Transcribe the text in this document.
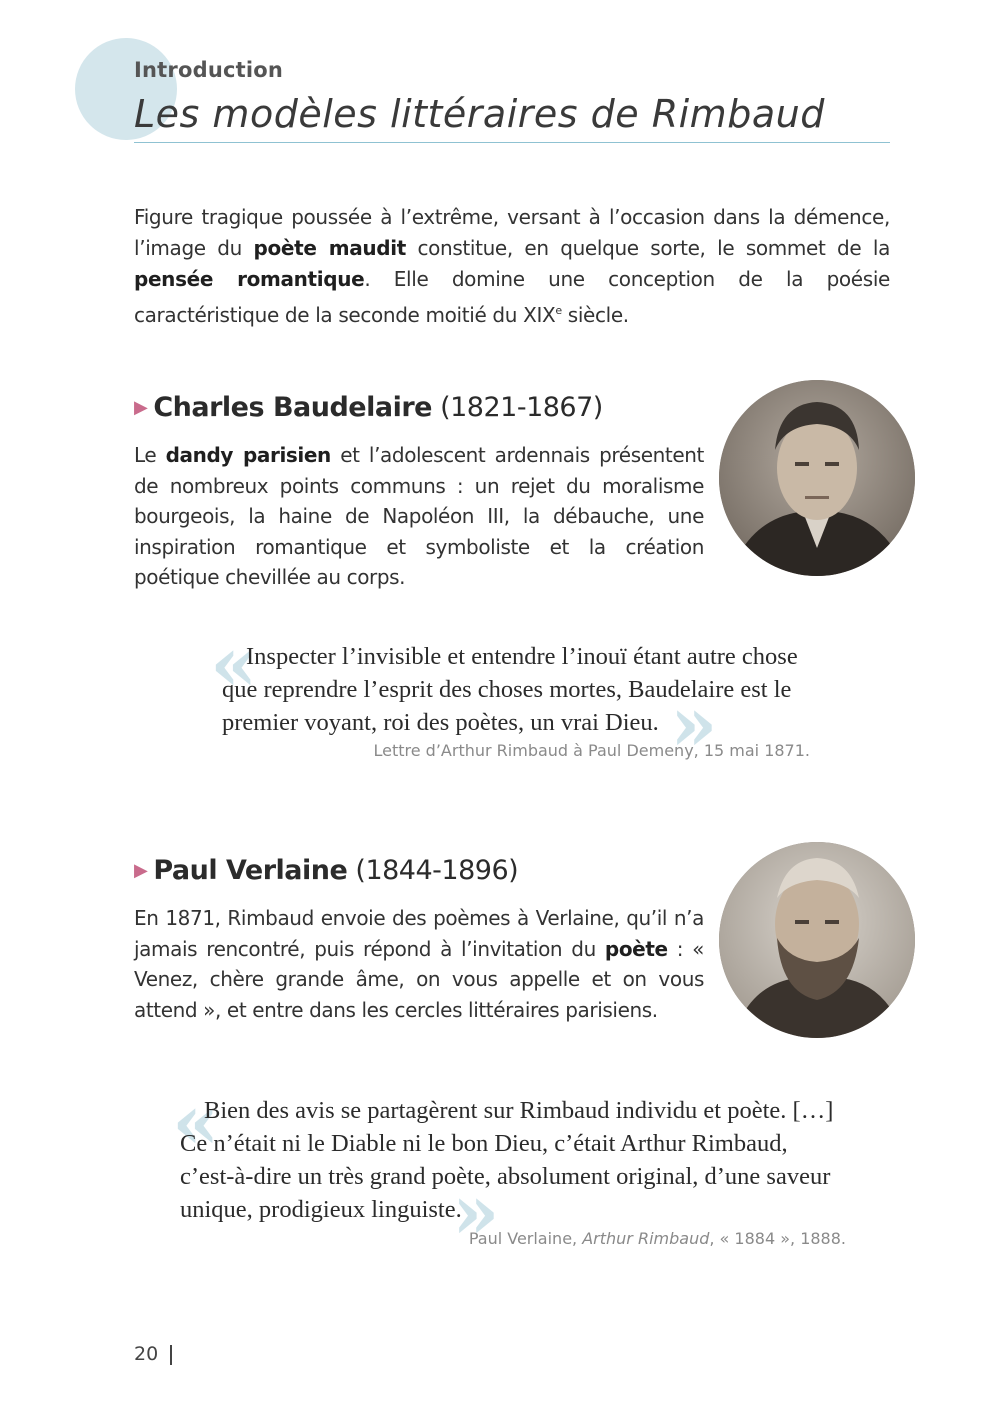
Introduction
Les modèles littéraires de Rimbaud

Figure tragique poussée à l’extrême, versant à l’occasion dans la démence, l’image du poète maudit constitue, en quelque sorte, le sommet de la pensée romantique. Elle domine une conception de la poésie caractéristique de la seconde moitié du XIXe siècle.

▶ Charles Baudelaire (1821-1867)

Le dandy parisien et l’adolescent ardennais présentent de nombreux points communs : un rejet du moralisme bourgeois, la haine de Napoléon III, la débauche, une inspiration romantique et symboliste et la création poétique chevillée au corps.

«
»

Inspecter l’invisible et entendre l’inouï étant autre chose que reprendre l’esprit des choses mortes, Baudelaire est le premier voyant, roi des poètes, un vrai Dieu.

Lettre d’Arthur Rimbaud à Paul Demeny, 15 mai 1871.

▶ Paul Verlaine (1844-1896)

En 1871, Rimbaud envoie des poèmes à Verlaine, qu’il n’a jamais rencontré, puis répond à l’invitation du poète : « Venez, chère grande âme, on vous appelle et on vous attend », et entre dans les cercles littéraires parisiens.

«
»

Bien des avis se partagèrent sur Rimbaud individu et poète. […] Ce n’était ni le Diable ni le bon Dieu, c’était Arthur Rimbaud, c’est-à-dire un très grand poète, absolument original, d’une saveur unique, prodigieux linguiste.

Paul Verlaine, Arthur Rimbaud, « 1884 », 1888.

20
